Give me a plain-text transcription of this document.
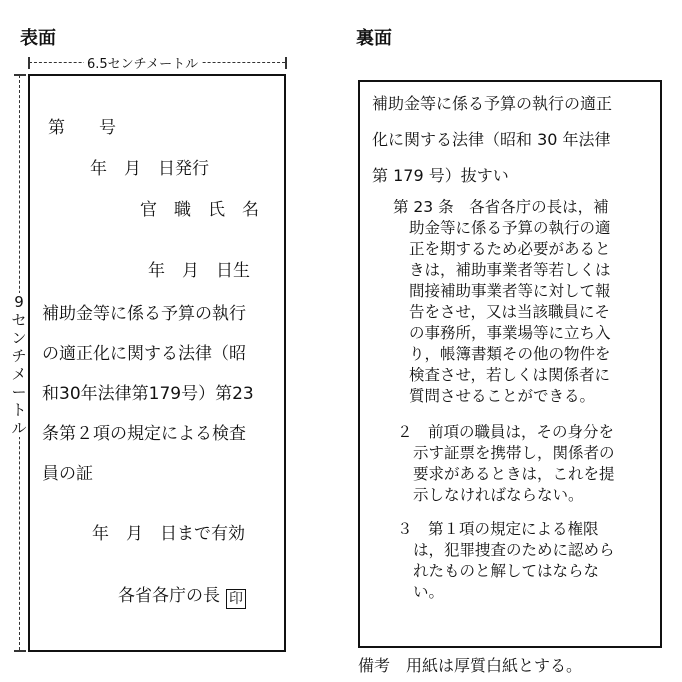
表面
6.5センチメートル
9
セ
ン
チ
メ
ー
ト
ル
第　　号
年　月　日発行
官　職　氏　名
年　月　日生
補助金等に係る予算の執行
の適正化に関する法律（昭
和30年法律第179号）第23
条第２項の規定による検査
員の証
年　月　日まで有効
各省各庁の長 印
裏面
補助金等に係る予算の執行の適正
化に関する法律（昭和 30 年法律
第 179 号）抜すい
第 23 条　各省各庁の長は，補
助金等に係る予算の執行の適
正を期するため必要があると
きは，補助事業者等若しくは
間接補助事業者等に対して報
告をさせ，又は当該職員にそ
の事務所，事業場等に立ち入
り，帳簿書類その他の物件を
検査させ，若しくは関係者に
質問させることができる。
２　前項の職員は，その身分を
示す証票を携帯し，関係者の
要求があるときは，これを提
示しなければならない。
３　第１項の規定による権限
は，犯罪捜査のために認めら
れたものと解してはならな
い。
備考　用紙は厚質白紙とする。
